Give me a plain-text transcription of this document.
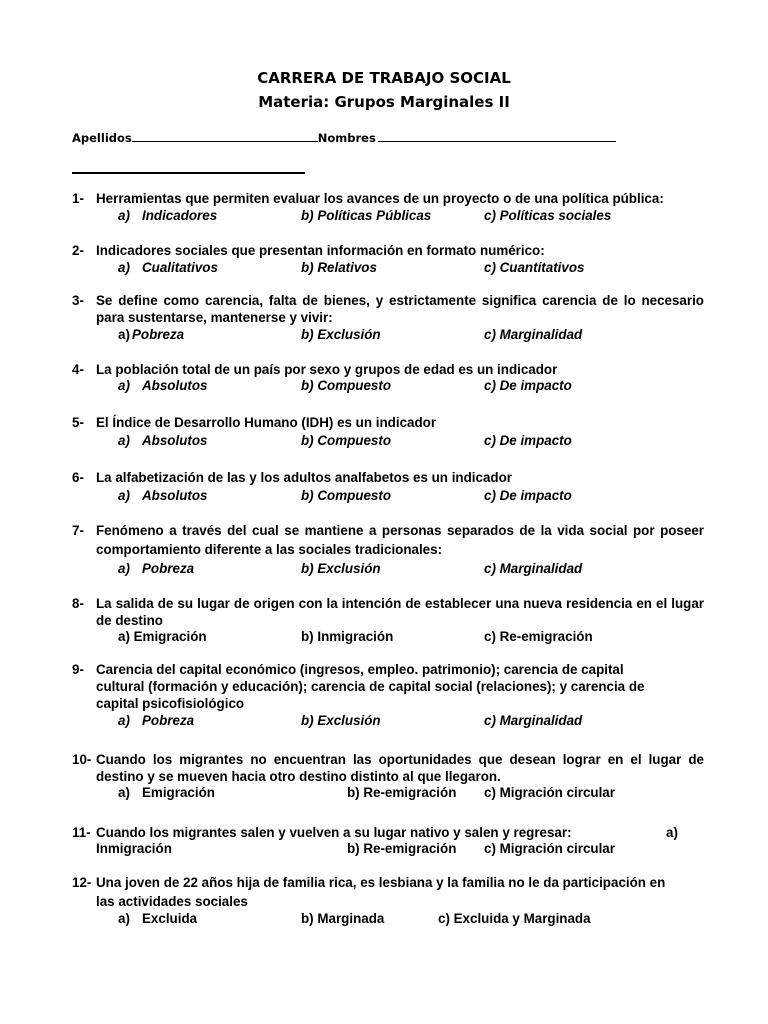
CARRERA DE TRABAJO SOCIAL
Materia: Grupos Marginales II
Apellidos	Nombres
1- Herramientas que permiten evaluar los avances de un proyecto o de una política pública:
a) Indicadores	b) Políticas Públicas	c) Políticas sociales
2- Indicadores sociales que presentan información en formato numérico:
a) Cualitativos	b) Relativos	c) Cuantitativos
3- Se define como carencia, falta de bienes, y estrictamente significa carencia de lo necesario para sustentarse, mantenerse y vivir:
a) Pobreza	b) Exclusión	c) Marginalidad
4- La población total de un país por sexo y grupos de edad es un indicador
a) Absolutos	b) Compuesto	c) De impacto
5- El Índice de Desarrollo Humano (IDH) es un indicador
a) Absolutos	b) Compuesto	c) De impacto
6- La alfabetización de las y los adultos analfabetos es un indicador
a) Absolutos	b) Compuesto	c) De impacto
7- Fenómeno a través del cual se mantiene a personas separados de la vida social por poseer comportamiento diferente a las sociales tradicionales:
a) Pobreza	b) Exclusión	c) Marginalidad
8- La salida de su lugar de origen con la intención de establecer una nueva residencia en el lugar de destino
a) Emigración	b) Inmigración	c) Re-emigración
9- Carencia del capital económico (ingresos, empleo. patrimonio); carencia de capital cultural (formación y educación); carencia de capital social (relaciones); y carencia de capital psicofisiológico
a) Pobreza	b) Exclusión	c) Marginalidad
10- Cuando los migrantes no encuentran las oportunidades que desean lograr en el lugar de destino y se mueven hacia otro destino distinto al que llegaron.
a) Emigración	b) Re-emigración c) Migración circular
11- Cuando los migrantes salen y vuelven a su lugar nativo y salen y regresar:	a)
Inmigración	b) Re-emigración c) Migración circular
12- Una joven de 22 años hija de familia rica, es lesbiana y la familia no le da participación en las actividades sociales
a) Excluida	b) Marginada	c) Excluida y Marginada
